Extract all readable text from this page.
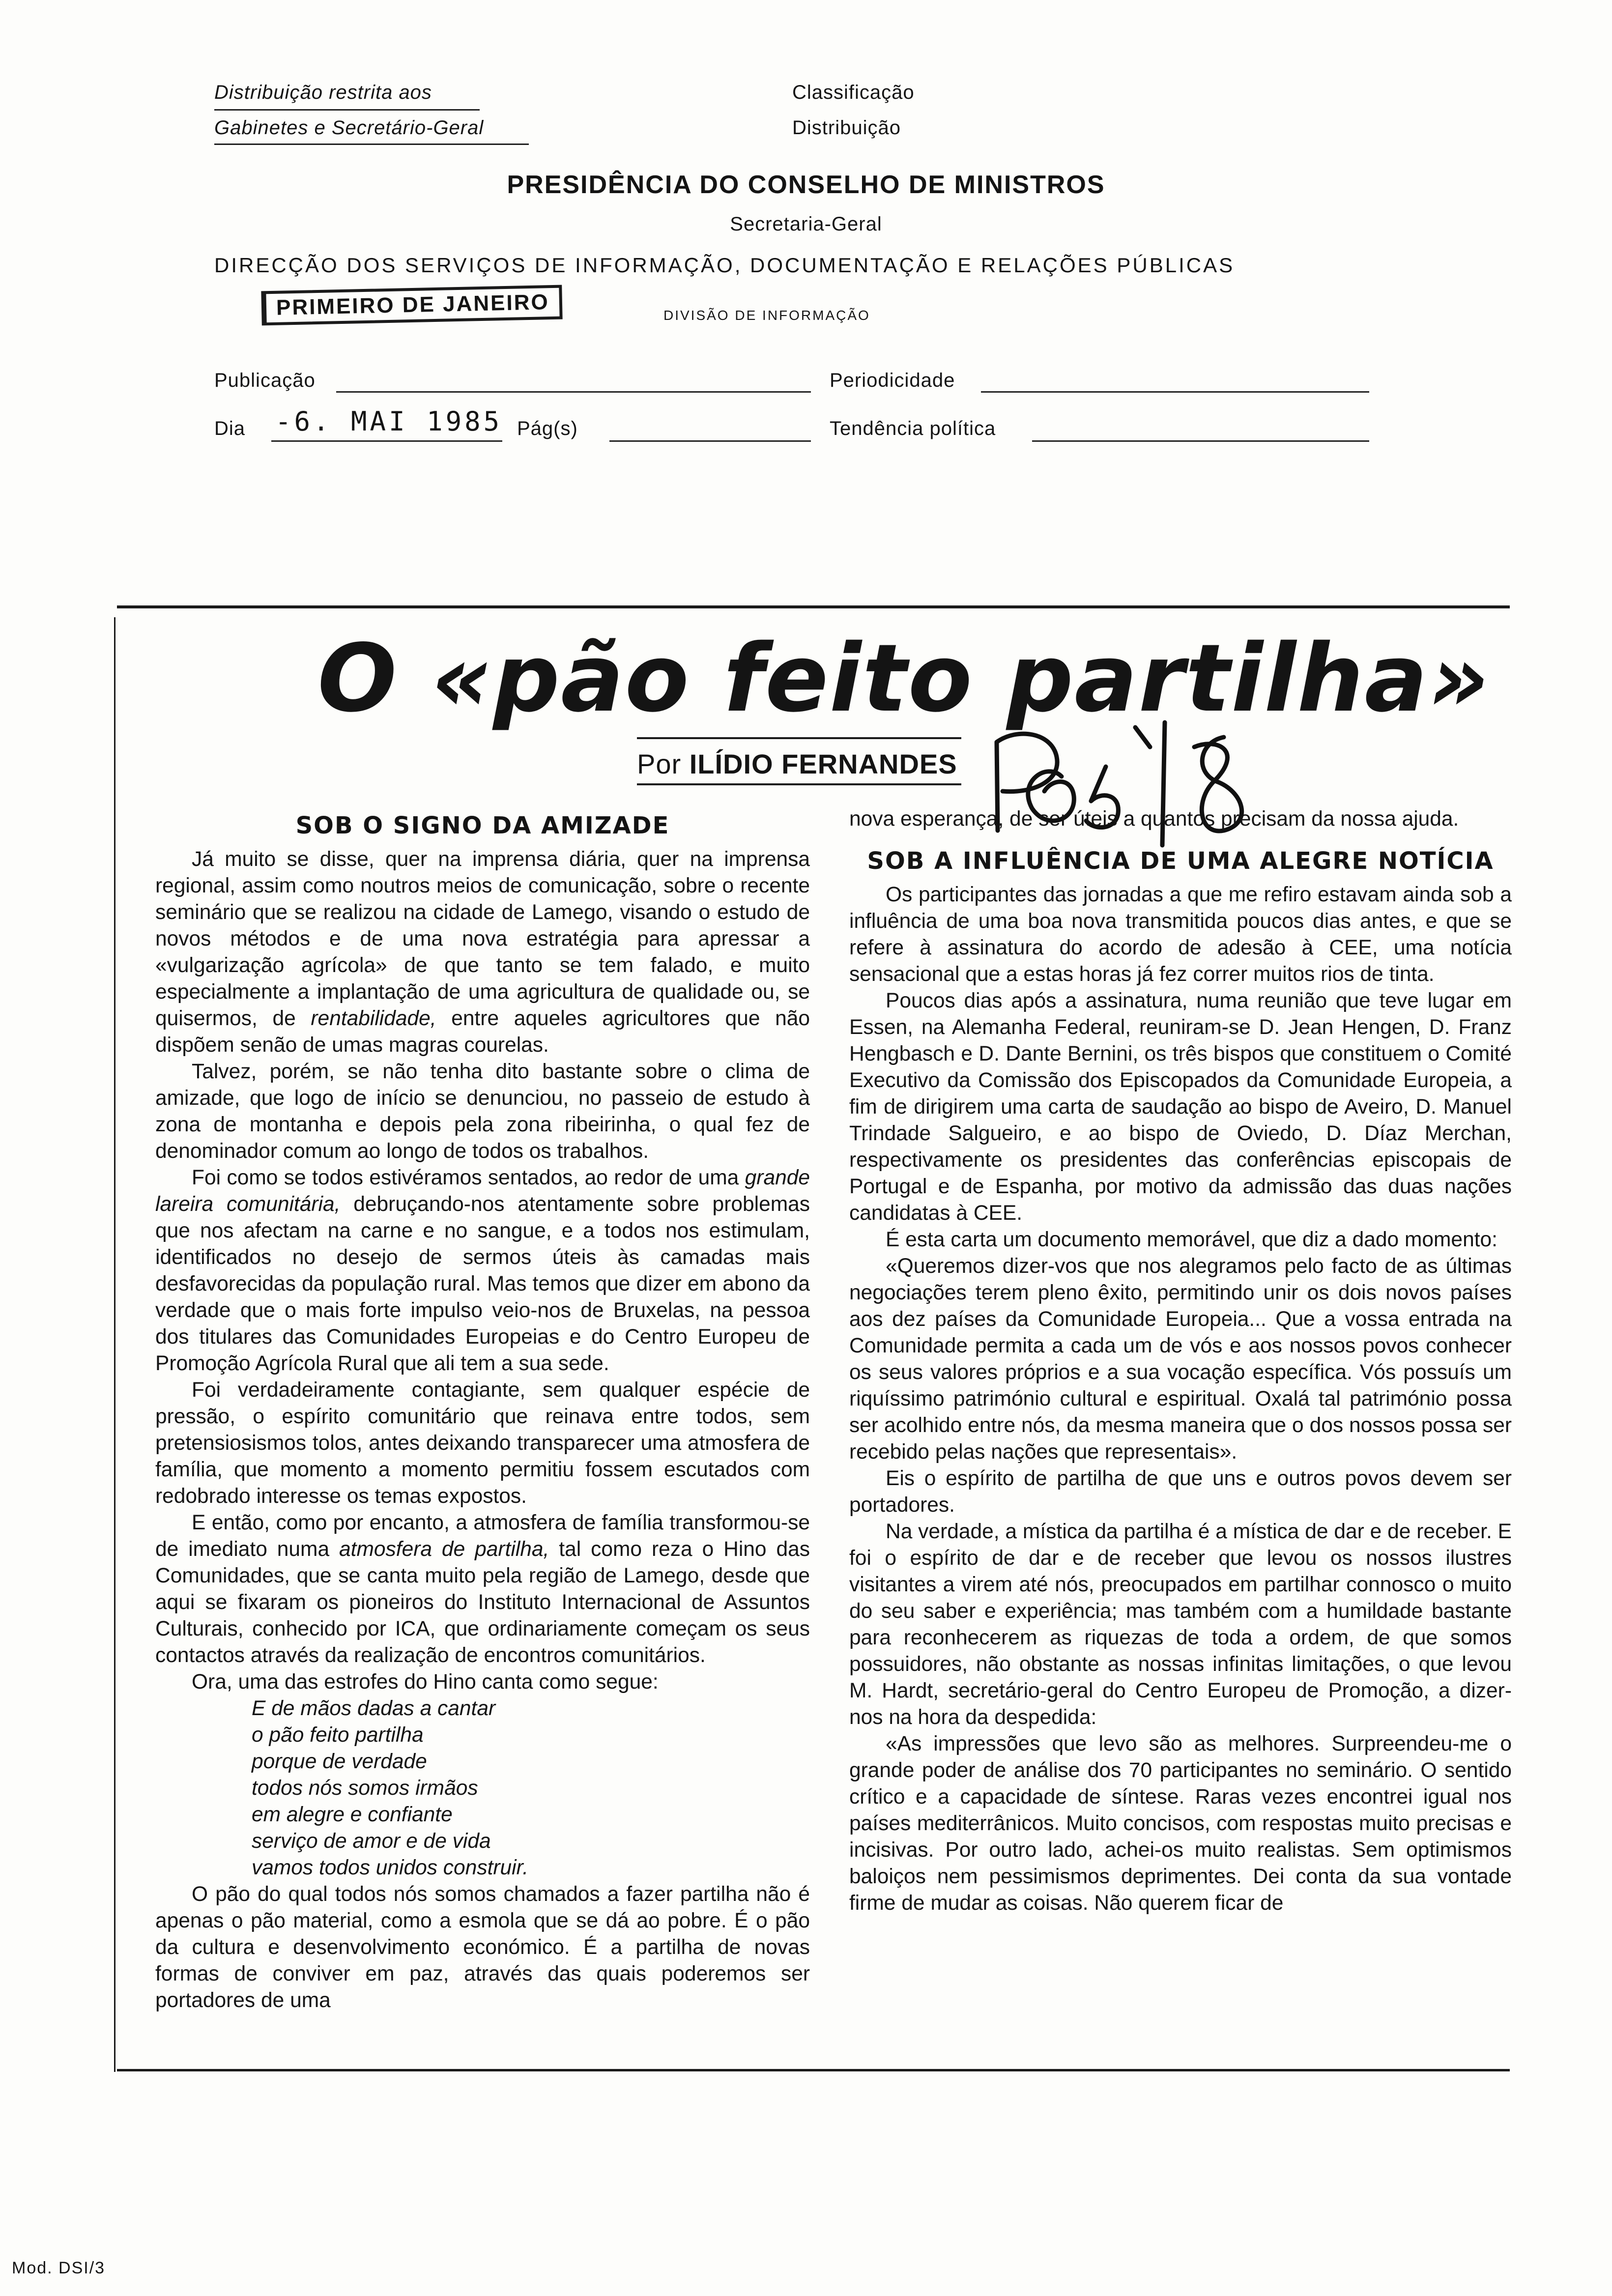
Distribuição restrita aos
Gabinetes e Secretário-Geral
Classificação
Distribuição
PRESIDÊNCIA DO CONSELHO DE MINISTROS
Secretaria-Geral
DIRECÇÃO DOS SERVIÇOS DE INFORMAÇÃO, DOCUMENTAÇÃO E RELAÇÕES PÚBLICAS
PRIMEIRO DE JANEIRO	DIVISÃO DE INFORMAÇÃO
Publicação	Periodicidade
Dia -6. MAI 1985 Pág(s)	Tendência política
O «pão feito partilha»
Por ILÍDIO FERNANDES
SOB O SIGNO DA AMIZADE

Já muito se disse, quer na imprensa diária, quer na imprensa regional, assim como noutros meios de comunicação, sobre o recente seminário que se realizou na cidade de Lamego, visando o estudo de novos métodos e de uma nova estratégia para apressar a «vulgarização agrícola» de que tanto se tem falado, e muito especialmente a implantação de uma agricultura de qualidade ou, se quisermos, de rentabilidade, entre aqueles agricultores que não dispõem senão de umas magras courelas.

Talvez, porém, se não tenha dito bastante sobre o clima de amizade, que logo de início se denunciou, no passeio de estudo à zona de montanha e depois pela zona ribeirinha, o qual fez de denominador comum ao longo de todos os trabalhos.

Foi como se todos estivéramos sentados, ao redor de uma grande lareira comunitária, debruçando-nos atentamente sobre problemas que nos afectam na carne e no sangue, e a todos nos estimulam, identificados no desejo de sermos úteis às camadas mais desfavorecidas da população rural. Mas temos que dizer em abono da verdade que o mais forte impulso veio-nos de Bruxelas, na pessoa dos titulares das Comunidades Europeias e do Centro Europeu de Promoção Agrícola Rural que ali tem a sua sede.

Foi verdadeiramente contagiante, sem qualquer espécie de pressão, o espírito comunitário que reinava entre todos, sem pretensiosismos tolos, antes deixando transparecer uma atmosfera de família, que momento a momento permitiu fossem escutados com redobrado interesse os temas expostos.

E então, como por encanto, a atmosfera de família transformou-se de imediato numa atmosfera de partilha, tal como reza o Hino das Comunidades, que se canta muito pela região de Lamego, desde que aqui se fixaram os pioneiros do Instituto Internacional de Assuntos Culturais, conhecido por ICA, que ordinariamente começam os seus contactos através da realização de encontros comunitários.

Ora, uma das estrofes do Hino canta como segue:

E de mãos dadas a cantar
o pão feito partilha
porque de verdade
todos nós somos irmãos
em alegre e confiante
serviço de amor e de vida
vamos todos unidos construir.

O pão do qual todos nós somos chamados a fazer partilha não é apenas o pão material, como a esmola que se dá ao pobre. É o pão da cultura e desenvolvimento económico. É a partilha de novas formas de conviver em paz, através das quais poderemos ser portadores de uma

nova esperança, de ser úteis a quantos precisam da nossa ajuda.

SOB A INFLUÊNCIA DE UMA ALEGRE NOTÍCIA

Os participantes das jornadas a que me refiro estavam ainda sob a influência de uma boa nova transmitida poucos dias antes, e que se refere à assinatura do acordo de adesão à CEE, uma notícia sensacional que a estas horas já fez correr muitos rios de tinta.

Poucos dias após a assinatura, numa reunião que teve lugar em Essen, na Alemanha Federal, reuniram-se D. Jean Hengen, D. Franz Hengbasch e D. Dante Bernini, os três bispos que constituem o Comité Executivo da Comissão dos Episcopados da Comunidade Europeia, a fim de dirigirem uma carta de saudação ao bispo de Aveiro, D. Manuel Trindade Salgueiro, e ao bispo de Oviedo, D. Díaz Merchan, respectivamente os presidentes das conferências episcopais de Portugal e de Espanha, por motivo da admissão das duas nações candidatas à CEE.

É esta carta um documento memorável, que diz a dado momento:

«Queremos dizer-vos que nos alegramos pelo facto de as últimas negociações terem pleno êxito, permitindo unir os dois novos países aos dez países da Comunidade Europeia... Que a vossa entrada na Comunidade permita a cada um de vós e aos nossos povos conhecer os seus valores próprios e a sua vocação específica. Vós possuís um riquíssimo património cultural e espiritual. Oxalá tal património possa ser acolhido entre nós, da mesma maneira que o dos nossos possa ser recebido pelas nações que representais».

Eis o espírito de partilha de que uns e outros povos devem ser portadores.

Na verdade, a mística da partilha é a mística de dar e de receber. E foi o espírito de dar e de receber que levou os nossos ilustres visitantes a virem até nós, preocupados em partilhar connosco o muito do seu saber e experiência; mas também com a humildade bastante para reconhecerem as riquezas de toda a ordem, de que somos possuidores, não obstante as nossas infinitas limitações, o que levou M. Hardt, secretário-geral do Centro Europeu de Promoção, a dizer-nos na hora da despedida:

«As impressões que levo são as melhores. Surpreendeu-me o grande poder de análise dos 70 participantes no seminário. O sentido crítico e a capacidade de síntese. Raras vezes encontrei igual nos países mediterrânicos. Muito concisos, com respostas muito precisas e incisivas. Por outro lado, achei-os muito realistas. Sem optimismos baloiços nem pessimismos deprimentes. Dei conta da sua vontade firme de mudar as coisas. Não querem ficar de

Mod. DSI/3
